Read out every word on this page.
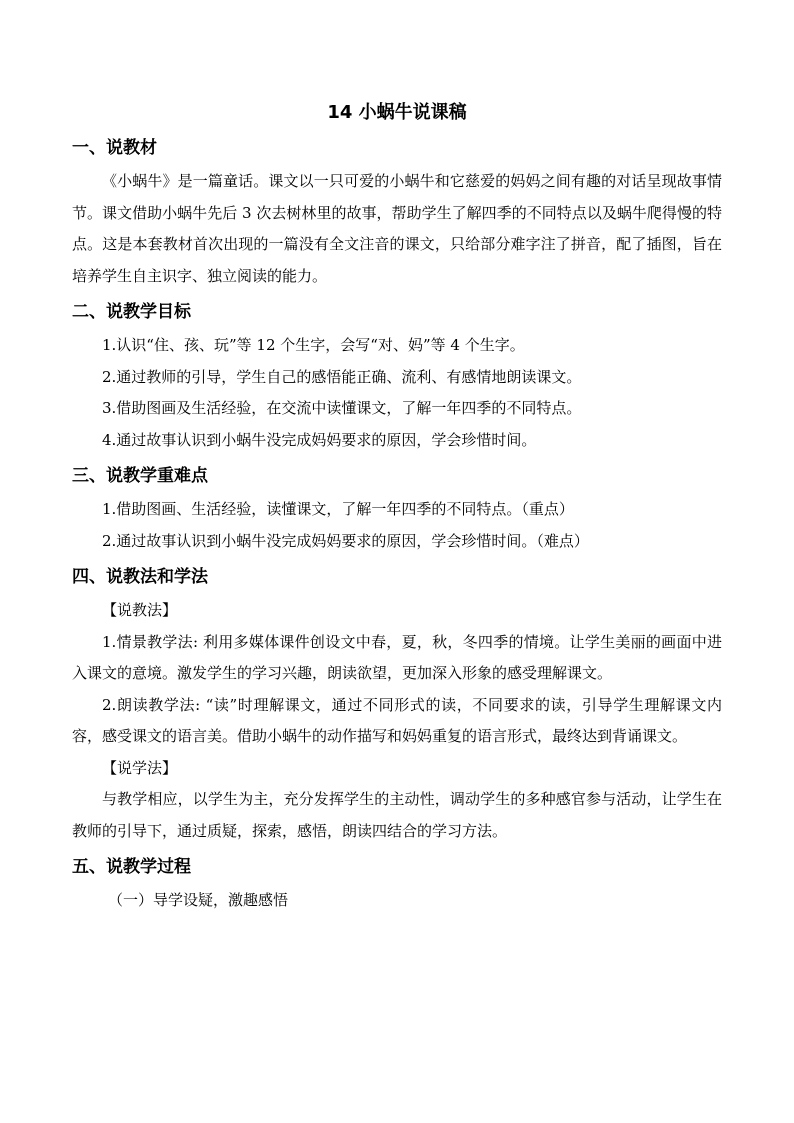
14 小蜗牛说课稿
一、说教材

《小蜗牛》是一篇童话。课文以一只可爱的小蜗牛和它慈爱的妈妈之间有趣的对话呈现故事情节。课文借助小蜗牛先后 3 次去树林里的故事，帮助学生了解四季的不同特点以及蜗牛爬得慢的特点。这是本套教材首次出现的一篇没有全文注音的课文，只给部分难字注了拼音，配了插图，旨在培养学生自主识字、独立阅读的能力。

二、说教学目标

1.认识“住、孩、玩”等 12 个生字，会写“对、妈”等 4 个生字。

2.通过教师的引导，学生自己的感悟能正确、流利、有感情地朗读课文。

3.借助图画及生活经验，在交流中读懂课文，了解一年四季的不同特点。

4.通过故事认识到小蜗牛没完成妈妈要求的原因，学会珍惜时间。

三、说教学重难点

1.借助图画、生活经验，读懂课文，了解一年四季的不同特点。（重点）

2.通过故事认识到小蜗牛没完成妈妈要求的原因，学会珍惜时间。（难点）

四、说教法和学法

【说教法】

1.情景教学法: 利用多媒体课件创设文中春，夏，秋，冬四季的情境。让学生美丽的画面中进入课文的意境。激发学生的学习兴趣，朗读欲望，更加深入形象的感受理解课文。

2.朗读教学法: “读”时理解课文，通过不同形式的读，不同要求的读，引导学生理解课文内容，感受课文的语言美。借助小蜗牛的动作描写和妈妈重复的语言形式，最终达到背诵课文。

【说学法】

与教学相应，以学生为主，充分发挥学生的主动性，调动学生的多种感官参与活动，让学生在教师的引导下，通过质疑，探索，感悟，朗读四结合的学习方法。

五、说教学过程

（一）导学设疑，激趣感悟
